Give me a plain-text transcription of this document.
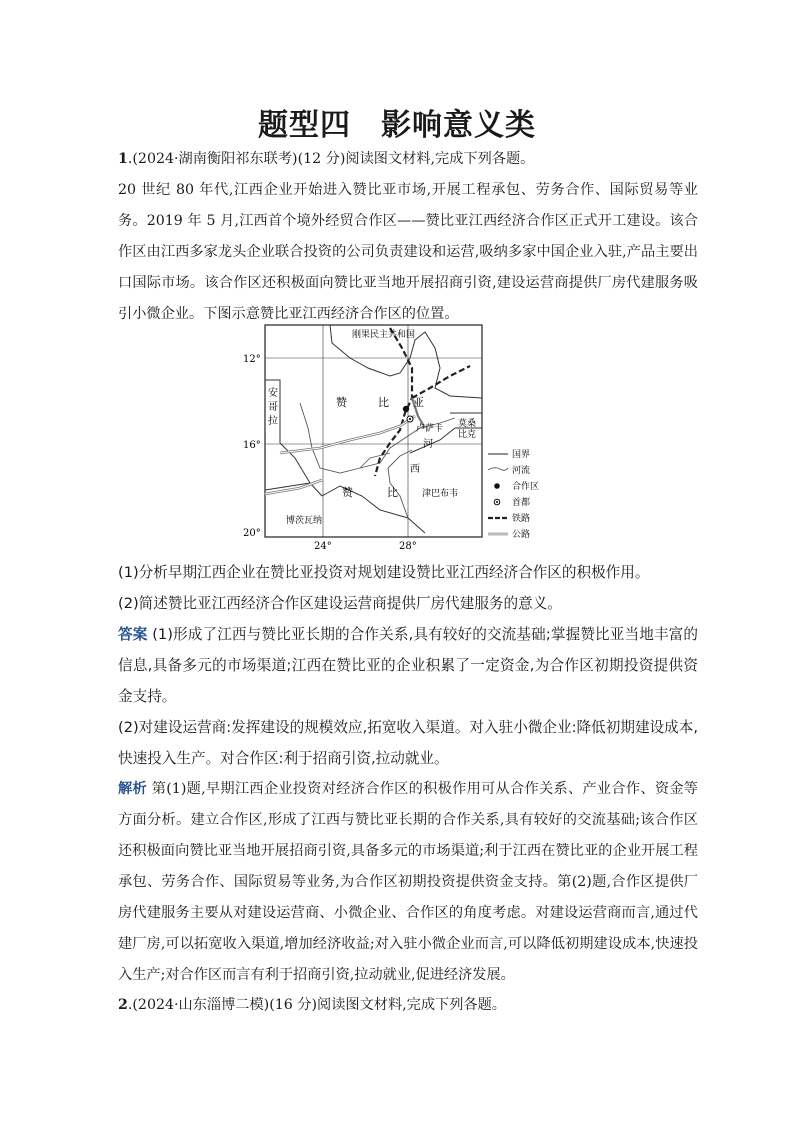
题型四 影响意义类

1.(2024·湖南衡阳祁东联考)(12 分)阅读图文材料,完成下列各题。

20 世纪 80 年代,江西企业开始进入赞比亚市场,开展工程承包、劳务合作、国际贸易等业务。2019 年 5 月,江西首个境外经贸合作区——赞比亚江西经济合作区正式开工建设。该合作区由江西多家龙头企业联合投资的公司负责建设和运营,吸纳多家中国企业入驻,产品主要出口国际市场。该合作区还积极面向赞比亚当地开展招商引资,建设运营商提供厂房代建服务吸引小微企业。下图示意赞比亚江西经济合作区的位置。

12°
16°
20°
24°	28°
刚果民主共和国
安
哥
拉
赞	比 亚
赞	比
卢萨卡 莫桑
比克
津巴布韦
博茨瓦纳
河
西
国界
河流
合作区
首都
铁路
公路

(1)分析早期江西企业在赞比亚投资对规划建设赞比亚江西经济合作区的积极作用。

(2)简述赞比亚江西经济合作区建设运营商提供厂房代建服务的意义。

答案 (1)形成了江西与赞比亚长期的合作关系,具有较好的交流基础;掌握赞比亚当地丰富的信息,具备多元的市场渠道;江西在赞比亚的企业积累了一定资金,为合作区初期投资提供资金支持。

(2)对建设运营商:发挥建设的规模效应,拓宽收入渠道。对入驻小微企业:降低初期建设成本,快速投入生产。对合作区:利于招商引资,拉动就业。

解析 第(1)题,早期江西企业投资对经济合作区的积极作用可从合作关系、产业合作、资金等方面分析。建立合作区,形成了江西与赞比亚长期的合作关系,具有较好的交流基础;该合作区还积极面向赞比亚当地开展招商引资,具备多元的市场渠道;利于江西在赞比亚的企业开展工程承包、劳务合作、国际贸易等业务,为合作区初期投资提供资金支持。第(2)题,合作区提供厂房代建服务主要从对建设运营商、小微企业、合作区的角度考虑。对建设运营商而言,通过代建厂房,可以拓宽收入渠道,增加经济收益;对入驻小微企业而言,可以降低初期建设成本,快速投入生产;对合作区而言有利于招商引资,拉动就业,促进经济发展。

2.(2024·山东淄博二模)(16 分)阅读图文材料,完成下列各题。
